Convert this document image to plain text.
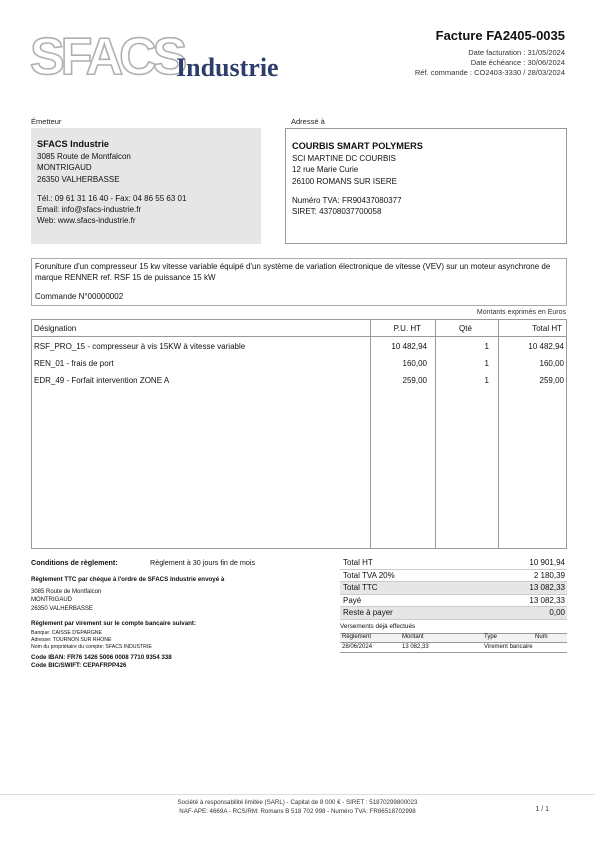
SFACS
Industrie
Facture FA2405-0035
Date facturation : 31/05/2024
Date échéance : 30/06/2024
Réf. commande : CO2403-3330 / 28/03/2024
Émetteur
SFACS Industrie
3085 Route de Montfalcon
MONTRIGAUD
26350 VALHERBASSE
Tél.: 09 61 31 16 40 - Fax: 04 86 55 63 01
Email: info@sfacs-industrie.fr
Web: www.sfacs-industrie.fr
Adressé à
COURBIS SMART POLYMERS
SCI MARTINE DC COURBIS
12 rue Marie Curie
26100 ROMANS SUR ISERE
Numéro TVA: FR90437080377
SIRET: 43708037700058
Foruniture d'un compresseur 15 kw vitesse variable équipé d'un système de variation électronique de vitesse (VEV) sur un moteur asynchrone de marque RENNER ref. RSF 15 de puissance 15 kW
Commande N°00000002
Montants exprimés en Euros
Désignation	P.U. HT	Qté	Total HT
RSF_PRO_15 - compresseur à vis 15KW à vitesse variable	10 482,94	1	10 482,94
REN_01 - frais de port	160,00	1	160,00
EDR_49 - Forfait intervention ZONE A	259,00	1	259,00
Conditions de règlement:	Règlement à 30 jours fin de mois
Règlement TTC par chèque à l'ordre de SFACS Industrie envoyé à
3085 Route de Montfalcon
MONTRIGAUD
26350 VALHERBASSE
Règlement par virement sur le compte bancaire suivant:
Banque: CAISSE D'EPARGNE
Adresse: TOURNON SUR RHONE
Nom du propriétaire du compte: SFACS INDUSTRIE
Code IBAN: FR76 1426 5006 0008 7710 9354 338
Code BIC/SWIFT: CEPAFRPP426
Total HT	10 901,94
Total TVA 20%	2 180,39
Total TTC	13 082,33
Payé	13 082,33
Reste à payer	0,00
Versements déjà effectués
Règlement	Montant	Type	Num
28/06/2024	13 082,33	Virement bancaire
Société à responsabilité limitée (SARL) - Capital de 8 000 € - SIRET : 51870299800023
NAF-APE: 4669A - RCS/RM: Romans B 518 702 998 - Numéro TVA: FR86518702998	1 / 1
